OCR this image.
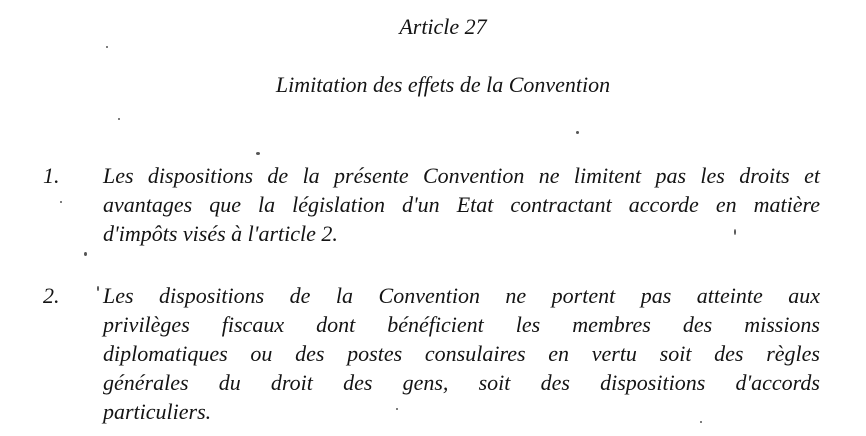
Article 27
Limitation des effets de la Convention
1. Les dispositions de la présente Convention ne limitent pas les droits et
avantages que la législation d'un Etat contractant accorde en matière
d'impôts visés à l'article 2.
2. Les dispositions de la Convention ne portent pas atteinte aux
privilèges fiscaux dont bénéficient les membres des missions
diplomatiques ou des postes consulaires en vertu soit des règles
générales du droit des gens, soit des dispositions d'accords
particuliers.
